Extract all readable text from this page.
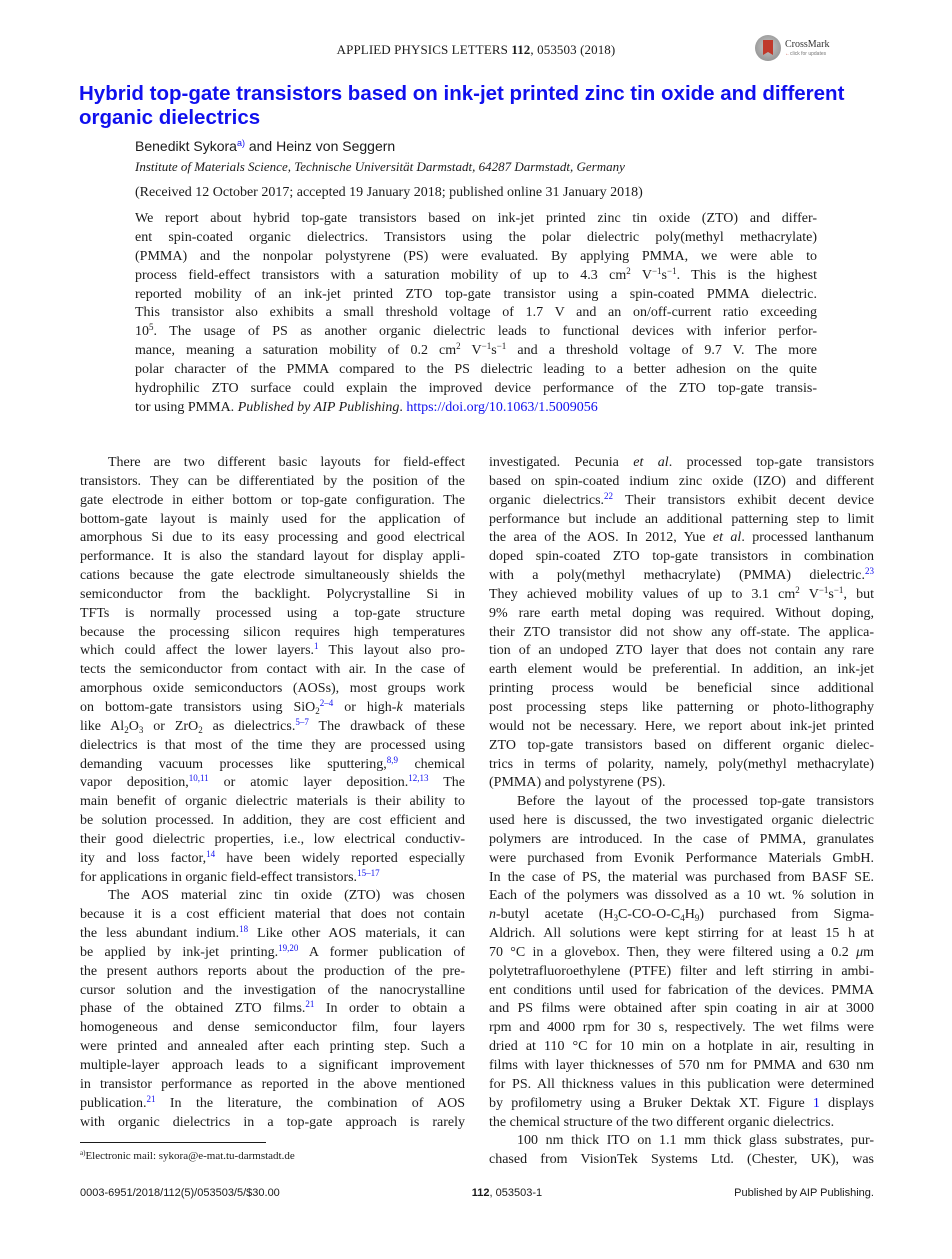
APPLIED PHYSICS LETTERS 112, 053503 (2018)	CrossMark
←click for updates
Hybrid top-gate transistors based on ink-jet printed zinc tin oxide and different organic dielectrics
Benedikt Sykora$^{a)}$ and Heinz von Seggern
Institute of Materials Science, Technische Universität Darmstadt, 64287 Darmstadt, Germany
(Received 12 October 2017; accepted 19 January 2018; published online 31 January 2018)
We report about hybrid top-gate transistors based on ink-jet printed zinc tin oxide (ZTO) and differ-
ent spin-coated organic dielectrics. Transistors using the polar dielectric poly(methyl methacrylate)
(PMMA) and the nonpolar polystyrene (PS) were evaluated. By applying PMMA, we were able to
process field-effect transistors with a saturation mobility of up to 4.3 $cm^2$ $V^{-1}s^{-1}$. This is the highest
reported mobility of an ink-jet printed ZTO top-gate transistor using a spin-coated PMMA dielectric.
This transistor also exhibits a small threshold voltage of 1.7 V and an on/off-current ratio exceeding
$10^5$. The usage of PS as another organic dielectric leads to functional devices with inferior perfor-
mance, meaning a saturation mobility of 0.2 $cm^2$ $V^{-1}s^{-1}$ and a threshold voltage of 9.7 V. The more
polar character of the PMMA compared to the PS dielectric leading to a better adhesion on the quite
hydrophilic ZTO surface could explain the improved device performance of the ZTO top-gate transis-
tor using PMMA. Published by AIP Publishing. https://doi.org/10.1063/1.5009056
There are two different basic layouts for field-effect
transistors. They can be differentiated by the position of the
gate electrode in either bottom or top-gate configuration. The
bottom-gate layout is mainly used for the application of
amorphous Si due to its easy processing and good electrical
performance. It is also the standard layout for display appli-
cations because the gate electrode simultaneously shields the
semiconductor from the backlight. Polycrystalline Si in
TFTs is normally processed using a top-gate structure
because the processing silicon requires high temperatures
which could affect the lower layers.$^1$ This layout also pro-
tects the semiconductor from contact with air. In the case of
amorphous oxide semiconductors (AOSs), most groups work
on bottom-gate transistors using SiO$_2^{2-4}$ or high-k materials
like $Al_2O_3$ or ZrO$_2$ as dielectrics.$^{5-7}$ The drawback of these
dielectrics is that most of the time they are processed using
demanding vacuum processes like sputtering,$^{8,9}$ chemical
vapor deposition,$^{10,11}$ or atomic layer deposition.$^{12,13}$ The
main benefit of organic dielectric materials is their ability to
be solution processed. In addition, they are cost efficient and
their good dielectric properties, i.e., low electrical conductiv-
ity and loss factor,$^{14}$ have been widely reported especially
for applications in organic field-effect transistors.$^{15-17}$
The AOS material zinc tin oxide (ZTO) was chosen
because it is a cost efficient material that does not contain
the less abundant indium.$^{18}$ Like other AOS materials, it can
be applied by ink-jet printing.$^{19,20}$ A former publication of
the present authors reports about the production of the pre-
cursor solution and the investigation of the nanocrystalline
phase of the obtained ZTO films.$^{21}$ In order to obtain a
homogeneous and dense semiconductor film, four layers
were printed and annealed after each printing step. Such a
multiple-layer approach leads to a significant improvement
in transistor performance as reported in the above mentioned
publication.$^{21}$ In the literature, the combination of AOS
with organic dielectrics in a top-gate approach is rarely
investigated. Pecunia et al. processed top-gate transistors
based on spin-coated indium zinc oxide (IZO) and different
organic dielectrics.$^{22}$ Their transistors exhibit decent device
performance but include an additional patterning step to limit
the area of the AOS. In 2012, Yue et al. processed lanthanum
doped spin-coated ZTO top-gate transistors in combination
with a poly(methyl methacrylate) (PMMA) dielectric.$^{23}$
They achieved mobility values of up to 3.1 $cm^2$ $V^{-1}s^{-1}$, but
9% rare earth metal doping was required. Without doping,
their ZTO transistor did not show any off-state. The applica-
tion of an undoped ZTO layer that does not contain any rare
earth element would be preferential. In addition, an ink-jet
printing process would be beneficial since additional
post processing steps like patterning or photo-lithography
would not be necessary. Here, we report about ink-jet printed
ZTO top-gate transistors based on different organic dielec-
trics in terms of polarity, namely, poly(methyl methacrylate)
(PMMA) and polystyrene (PS).
Before the layout of the processed top-gate transistors
used here is discussed, the two investigated organic dielectric
polymers are introduced. In the case of PMMA, granulates
were purchased from Evonik Performance Materials GmbH.
In the case of PS, the material was purchased from BASF SE.
Each of the polymers was dissolved as a 10 wt. % solution in
n-butyl acetate $(H_3C-CO-O-C_4H_9)$ purchased from Sigma-
Aldrich. All solutions were kept stirring for at least 15 h at
70 °C in a glovebox. Then, they were filtered using a 0.2 μm
polytetrafluoroethylene (PTFE) filter and left stirring in ambi-
ent conditions until used for fabrication of the devices. PMMA
and PS films were obtained after spin coating in air at 3000
rpm and 4000 rpm for 30 s, respectively. The wet films were
dried at 110 °C for 10 min on a hotplate in air, resulting in
films with layer thicknesses of 570 nm for PMMA and 630 nm
for PS. All thickness values in this publication were determined
by profilometry using a Bruker Dektak XT. Figure 1 displays
the chemical structure of the two different organic dielectrics.
100 nm thick ITO on 1.1 mm thick glass substrates, pur-
chased from VisionTek Systems Ltd. (Chester, UK), was
$^{a)}$Electronic mail: sykora@e-mat.tu-darmstadt.de
0003-6951/2018/112(5)/053503/5/$30.00	112, 053503-1	Published by AIP Publishing.
